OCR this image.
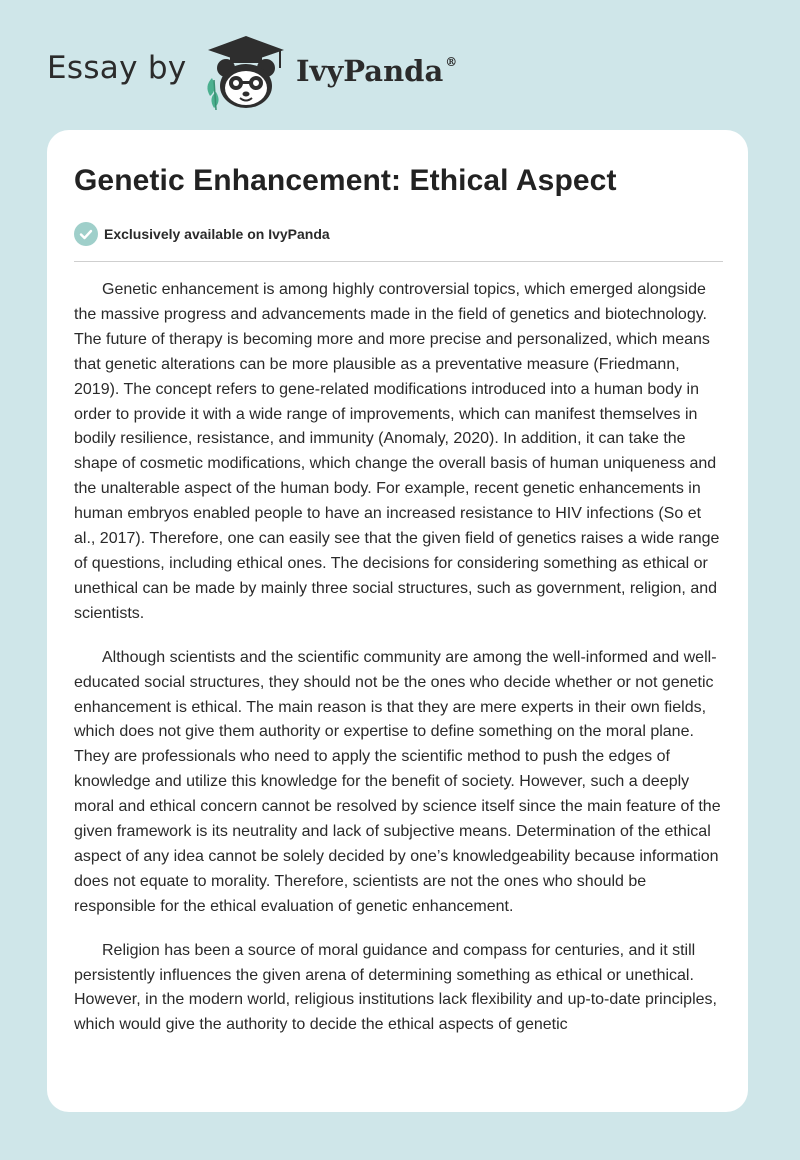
Essay by	IvyPanda ®
Genetic Enhancement: Ethical Aspect
Exclusively available on IvyPanda

Genetic enhancement is among highly controversial topics, which emerged alongside the massive progress and advancements made in the field of genetics and biotechnology. The future of therapy is becoming more and more precise and personalized, which means that genetic alterations can be more plausible as a preventative measure (Friedmann, 2019). The concept refers to gene-related modifications introduced into a human body in order to provide it with a wide range of improvements, which can manifest themselves in bodily resilience, resistance, and immunity (Anomaly, 2020). In addition, it can take the shape of cosmetic modifications, which change the overall basis of human uniqueness and the unalterable aspect of the human body. For example, recent genetic enhancements in human embryos enabled people to have an increased resistance to HIV infections (So et al., 2017). Therefore, one can easily see that the given field of genetics raises a wide range of questions, including ethical ones. The decisions for considering something as ethical or unethical can be made by mainly three social structures, such as government, religion, and scientists.

Although scientists and the scientific community are among the well-informed and well-educated social structures, they should not be the ones who decide whether or not genetic enhancement is ethical. The main reason is that they are mere experts in their own fields, which does not give them authority or expertise to define something on the moral plane. They are professionals who need to apply the scientific method to push the edges of knowledge and utilize this knowledge for the benefit of society. However, such a deeply moral and ethical concern cannot be resolved by science itself since the main feature of the given framework is its neutrality and lack of subjective means. Determination of the ethical aspect of any idea cannot be solely decided by one’s knowledgeability because information does not equate to morality. Therefore, scientists are not the ones who should be responsible for the ethical evaluation of genetic enhancement.

Religion has been a source of moral guidance and compass for centuries, and it still persistently influences the given arena of determining something as ethical or unethical. However, in the modern world, religious institutions lack flexibility and up-to-date principles, which would give the authority to decide the ethical aspects of genetic
